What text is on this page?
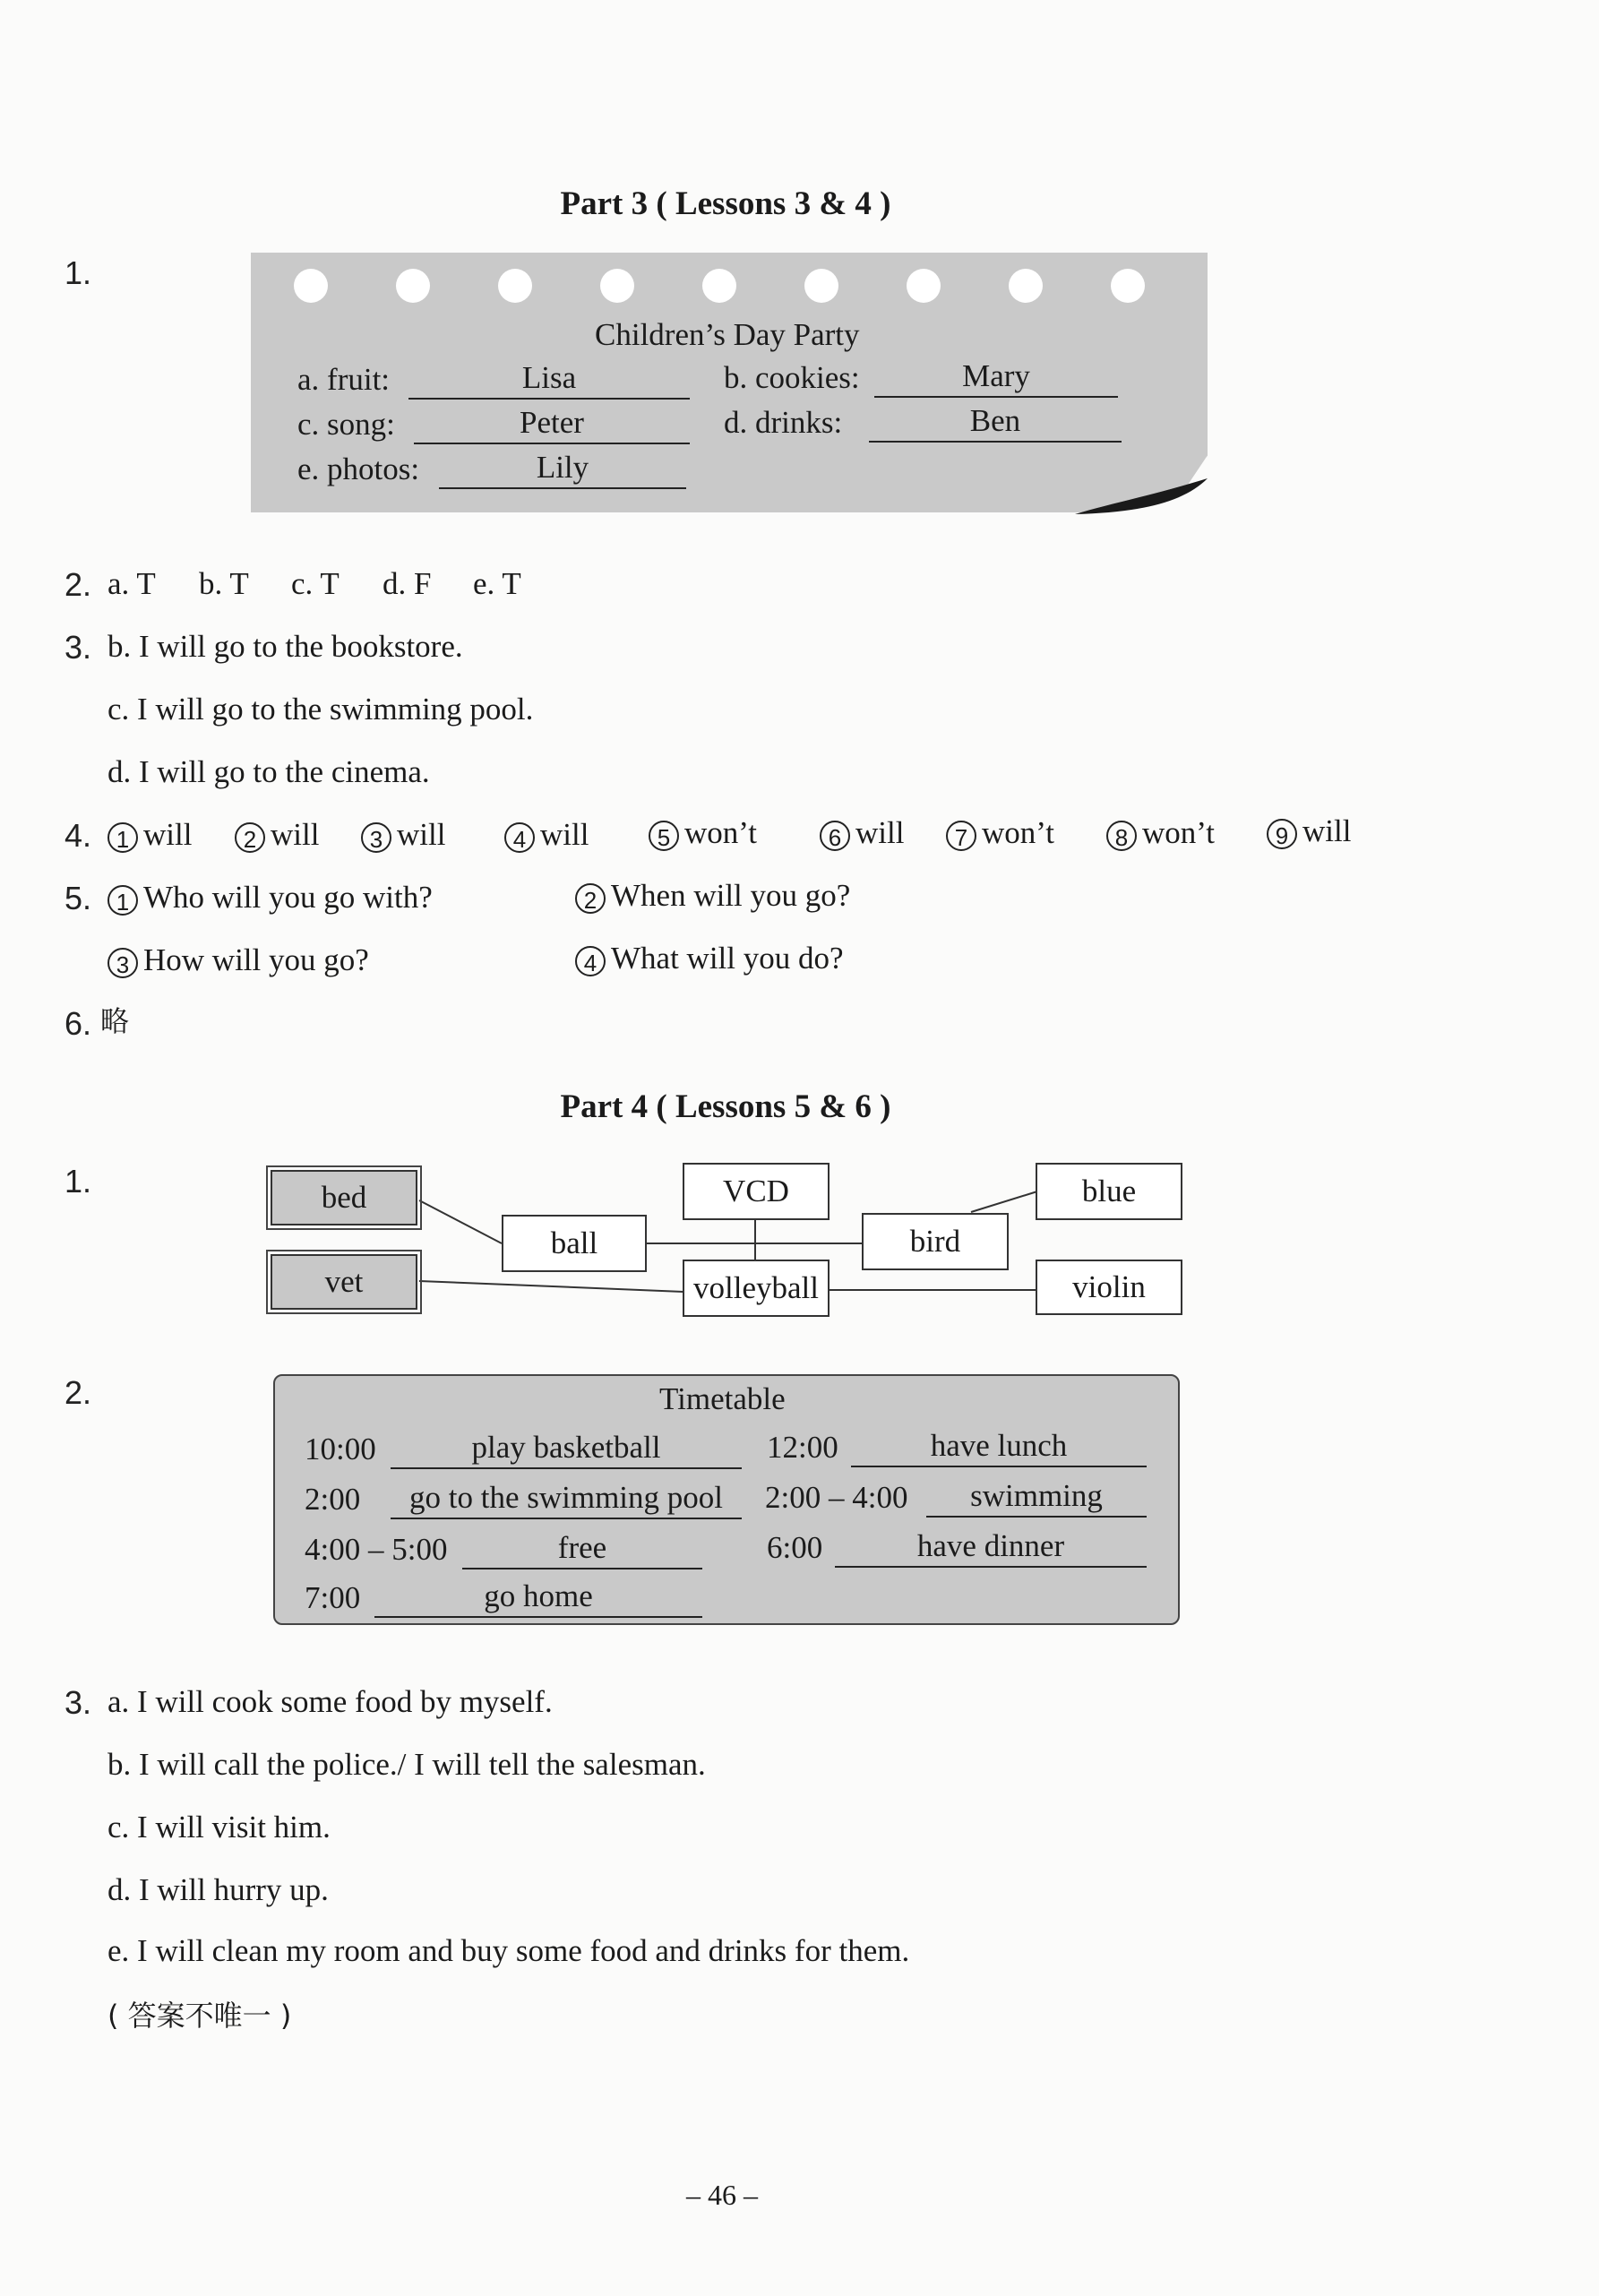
Part 3 ( Lessons 3 & 4 )
1.
Children’s Day Party
a. fruit:	Lisa	b. cookies:	Mary
c. song:	Peter	d. drinks:	Ben
e. photos:	Lily
2. a. T b. T c. T d. F e. T
3. b. I will go to the bookstore.
c. I will go to the swimming pool.
d. I will go to the cinema.
4.	1 will	2 will	3 will	4 will	5 won’t	6 will	7 won’t	8 won’t	9 will
5.	1 Who will you go with?	2 When will you go?
3 How will you go?	4 What will you do?
6. 略
Part 4 ( Lessons 5 & 6 )
1.	bed
vet
ball
VCD
volleyball
bird
blue
violin
2.	Timetable
10:00	play basketball	12:00	have lunch
2:00	go to the swimming pool	2:00 – 4:00	swimming
4:00 – 5:00	free	6:00	have dinner
7:00	go home
3. a. I will cook some food by myself.
b. I will call the police./ I will tell the salesman.
c. I will visit him.
d. I will hurry up.
e. I will clean my room and buy some food and drinks for them.
( 答案不唯一 )
– 46 –
